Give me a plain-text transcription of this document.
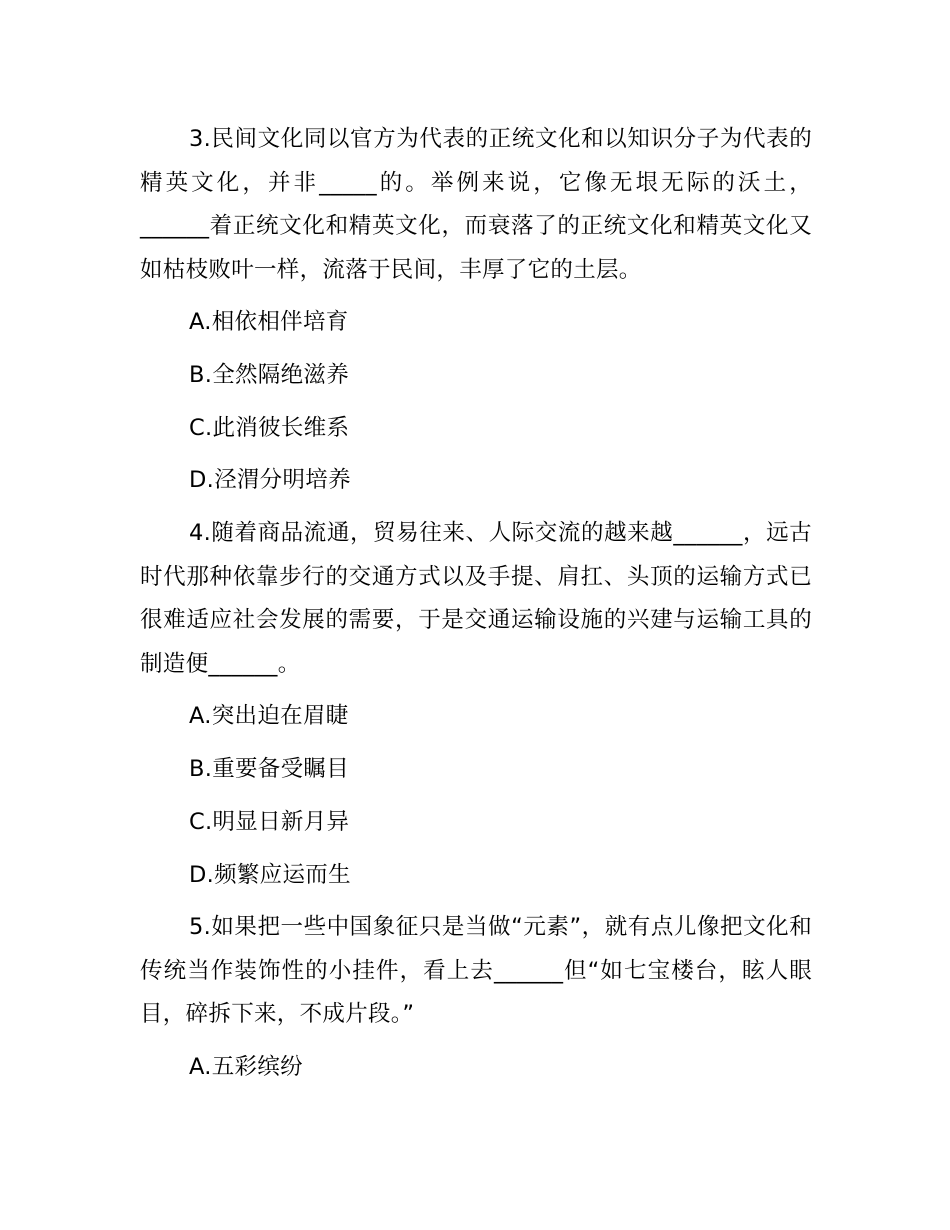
3.民间文化同以官方为代表的正统文化和以知识分子为代表的精英文化，并非_____的。举例来说，它像无垠无际的沃土，______着正统文化和精英文化，而衰落了的正统文化和精英文化又如枯枝败叶一样，流落于民间，丰厚了它的土层。

A.相依相伴培育
B.全然隔绝滋养
C.此消彼长维系
D.泾渭分明培养

4.随着商品流通，贸易往来、人际交流的越来越______，远古时代那种依靠步行的交通方式以及手提、肩扛、头顶的运输方式已很难适应社会发展的需要，于是交通运输设施的兴建与运输工具的制造便______。

A.突出迫在眉睫
B.重要备受瞩目
C.明显日新月异
D.频繁应运而生

5.如果把一些中国象征只是当做“元素”，就有点儿像把文化和传统当作装饰性的小挂件，看上去______但“如七宝楼台，眩人眼目，碎拆下来，不成片段。”

A.五彩缤纷
